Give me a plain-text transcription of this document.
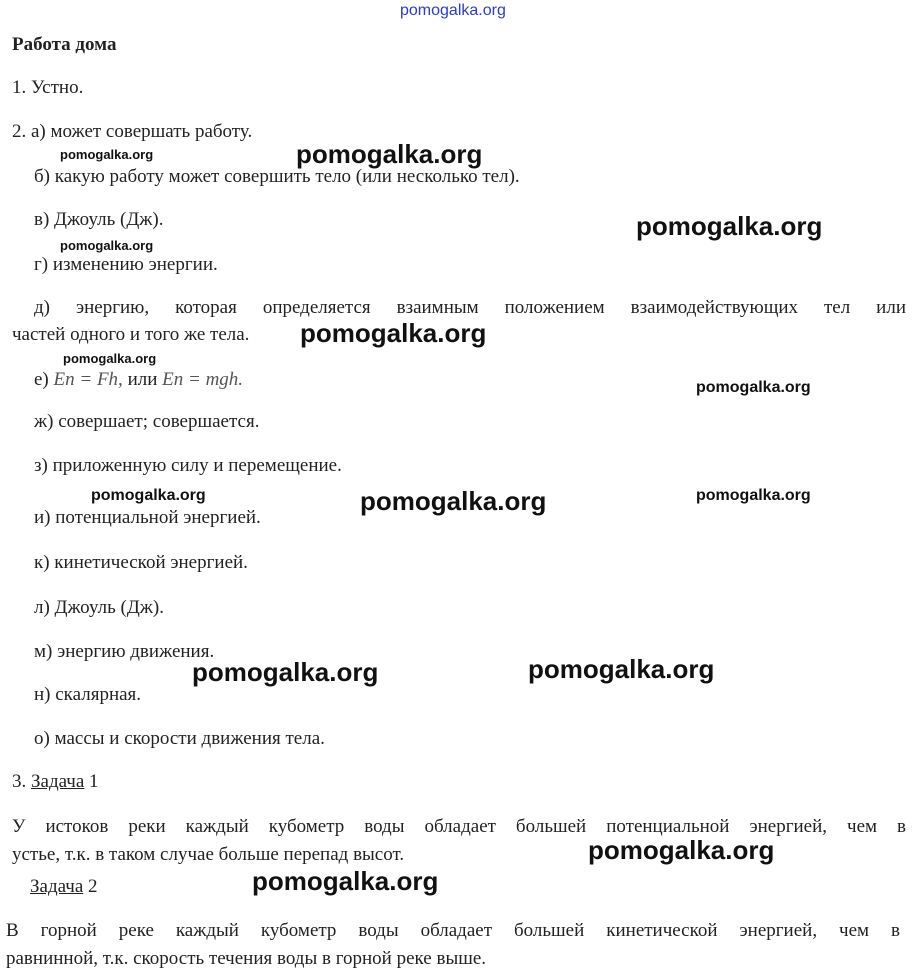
pomogalka.org
Работа дома
1. Устно.
2. а) может совершать работу.
б) какую работу может совершить тело (или несколько тел).
в) Джоуль (Дж).
г) изменению энергии.
д) энергию, которая определяется взаимным положением взаимодействующих тел или
частей одного и того же тела.
е) Eп = Fh, или Eп = mgh.
ж) совершает; совершается.
з) приложенную силу и перемещение.
и) потенциальной энергией.
к) кинетической энергией.
л) Джоуль (Дж).
м) энергию движения.
н) скалярная.
о) массы и скорости движения тела.
3. Задача 1
У истоков реки каждый кубометр воды обладает большей потенциальной энергией, чем в
устье, т.к. в таком случае больше перепад высот.
Задача 2
В горной реке каждый кубометр воды обладает большей кинетической энергией, чем в
равнинной, т.к. скорость течения воды в горной реке выше.
pomogalka.org
pomogalka.org
pomogalka.org
pomogalka.org
pomogalka.org
pomogalka.org
pomogalka.org
pomogalka.org	pomogalka.org	pomogalka.org
pomogalka.org	pomogalka.org
pomogalka.org
pomogalka.org
